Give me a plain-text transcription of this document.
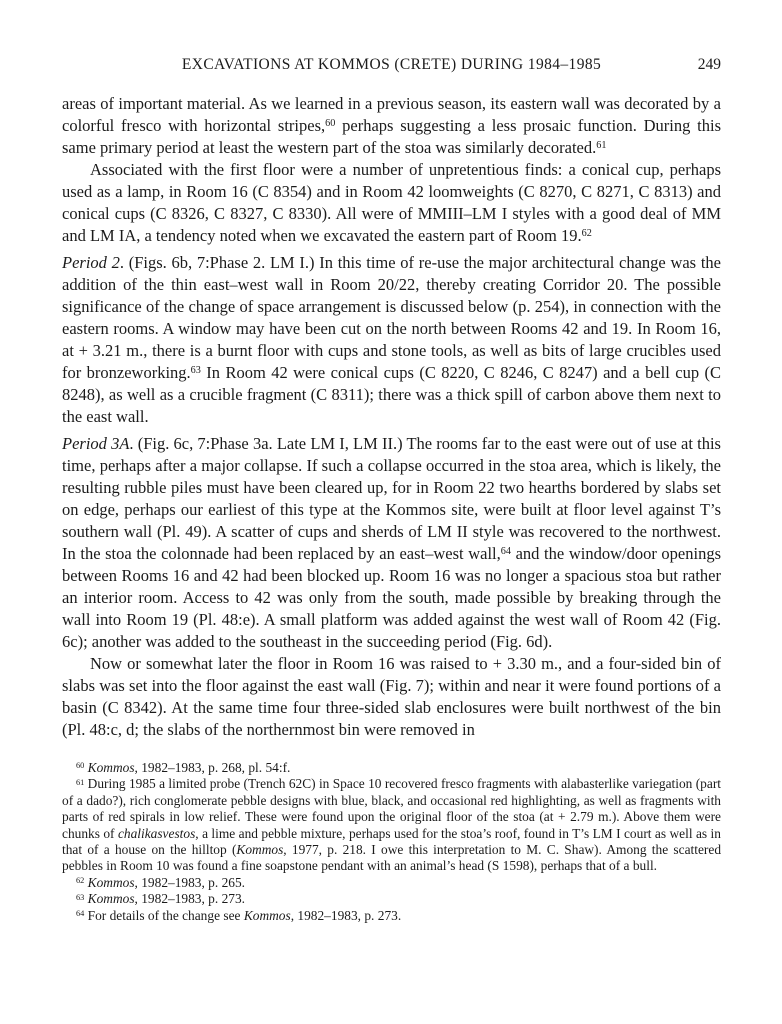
EXCAVATIONS AT KOMMOS (CRETE) DURING 1984–1985	249

areas of important material. As we learned in a previous season, its eastern wall was decorated by a colorful fresco with horizontal stripes,$^{60}$ perhaps suggesting a less prosaic function. During this same primary period at least the western part of the stoa was similarly decorated.$^{61}$

Associated with the first floor were a number of unpretentious finds: a conical cup, perhaps used as a lamp, in Room 16 (C 8354) and in Room 42 loomweights (C 8270, C 8271, C 8313) and conical cups (C 8326, C 8327, C 8330). All were of MMIII–LM I styles with a good deal of MM and LM IA, a tendency noted when we excavated the eastern part of Room 19.62

Period 2. (Figs. 6b, 7:Phase 2. LM I.) In this time of re-use the major architectural change was the addition of the thin east–west wall in Room 20/22, thereby creating Corridor 20. The possible significance of the change of space arrangement is discussed below (p. 254), in connection with the eastern rooms. A window may have been cut on the north between Rooms 42 and 19. In Room 16, at + 3.21 m., there is a burnt floor with cups and stone tools, as well as bits of large crucibles used for bronzeworking.$^{63}$ In Room 42 were conical cups (C 8220, C 8246, C 8247) and a bell cup (C 8248), as well as a crucible fragment (C 8311); there was a thick spill of carbon above them next to the east wall.

Period 3A. (Fig. 6c, 7:Phase 3a. Late LM I, LM II.) The rooms far to the east were out of use at this time, perhaps after a major collapse. If such a collapse occurred in the stoa area, which is likely, the resulting rubble piles must have been cleared up, for in Room 22 two hearths bordered by slabs set on edge, perhaps our earliest of this type at the Kommos site, were built at floor level against T’s southern wall (Pl. 49). A scatter of cups and sherds of LM II style was recovered to the northwest. In the stoa the colonnade had been replaced by an east–west wall,$^{64}$ and the window/door openings between Rooms 16 and 42 had been blocked up. Room 16 was no longer a spacious stoa but rather an interior room. Access to 42 was only from the south, made possible by breaking through the wall into Room 19 (Pl. 48:e). A small platform was added against the west wall of Room 42 (Fig. 6c); another was added to the southeast in the succeeding period (Fig. 6d).

Now or somewhat later the floor in Room 16 was raised to + 3.30 m., and a four-sided bin of slabs was set into the floor against the east wall (Fig. 7); within and near it were found portions of a basin (C 8342). At the same time four three-sided slab enclosures were built northwest of the bin (Pl. 48:c, d; the slabs of the northernmost bin were removed in

$^{60}$ Kommos, 1982–1983, p. 268, pl. 54:f.

$^{61}$ During 1985 a limited probe (Trench 62C) in Space 10 recovered fresco fragments with alabasterlike variegation (part of a dado?), rich conglomerate pebble designs with blue, black, and occasional red highlighting, as well as fragments with parts of red spirals in low relief. These were found upon the original floor of the stoa (at + 2.79 m.). Above them were chunks of chalikasvestos, a lime and pebble mixture, perhaps used for the stoa’s roof, found in T’s LM I court as well as in that of a house on the hilltop (Kommos, 1977, p. 218. I owe this interpretation to M. C. Shaw). Among the scattered pebbles in Room 10 was found a fine soapstone pendant with an animal’s head (S 1598), perhaps that of a bull.

$^{62}$ Kommos, 1982–1983, p. 265.

$^{63}$ Kommos, 1982–1983, p. 273.

$^{64}$ For details of the change see Kommos, 1982–1983, p. 273.
